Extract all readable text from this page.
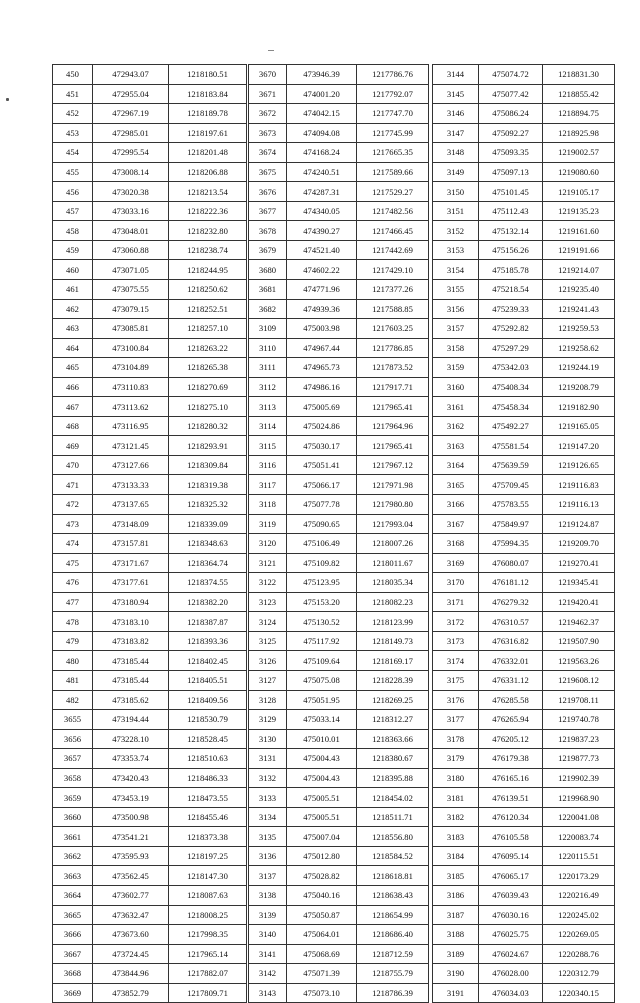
450	472943.07	1218180.51
451	472955.04	1218183.84
452	472967.19	1218189.78
453	472985.01	1218197.61
454	472995.54	1218201.48
455	473008.14	1218206.88
456	473020.38	1218213.54
457	473033.16	1218222.36
458	473048.01	1218232.80
459	473060.88	1218238.74
460	473071.05	1218244.95
461	473075.55	1218250.62
462	473079.15	1218252.51
463	473085.81	1218257.10
464	473100.84	1218263.22
465	473104.89	1218265.38
466	473110.83	1218270.69
467	473113.62	1218275.10
468	473116.95	1218280.32
469	473121.45	1218293.91
470	473127.66	1218309.84
471	473133.33	1218319.38
472	473137.65	1218325.32
473	473148.09	1218339.09
474	473157.81	1218348.63
475	473171.67	1218364.74
476	473177.61	1218374.55
477	473180.94	1218382.20
478	473183.10	1218387.87
479	473183.82	1218393.36
480	473185.44	1218402.45
481	473185.44	1218405.51
482	473185.62	1218409.56
3655	473194.44	1218530.79
3656	473228.10	1218528.45
3657	473353.74	1218510.63
3658	473420.43	1218486.33
3659	473453.19	1218473.55
3660	473500.98	1218455.46
3661	473541.21	1218373.38
3662	473595.93	1218197.25
3663	473562.45	1218147.30
3664	473602.77	1218087.63
3665	473632.47	1218008.25
3666	473673.60	1217998.35
3667	473724.45	1217965.14
3668	473844.96	1217882.07
3669	473852.79	1217809.71
3670	473946.39	1217786.76
3671	474001.20	1217792.07
3672	474042.15	1217747.70
3673	474094.08	1217745.99
3674	474168.24	1217665.35
3675	474240.51	1217589.66
3676	474287.31	1217529.27
3677	474340.05	1217482.56
3678	474390.27	1217466.45
3679	474521.40	1217442.69
3680	474602.22	1217429.10
3681	474771.96	1217377.26
3682	474939.36	1217588.85
3109	475003.98	1217603.25
3110	474967.44	1217786.85
3111	474965.73	1217873.52
3112	474986.16	1217917.71
3113	475005.69	1217965.41
3114	475024.86	1217964.96
3115	475030.17	1217965.41
3116	475051.41	1217967.12
3117	475066.17	1217971.98
3118	475077.78	1217980.80
3119	475090.65	1217993.04
3120	475106.49	1218007.26
3121	475109.82	1218011.67
3122	475123.95	1218035.34
3123	475153.20	1218082.23
3124	475130.52	1218123.99
3125	475117.92	1218149.73
3126	475109.64	1218169.17
3127	475075.08	1218228.39
3128	475051.95	1218269.25
3129	475033.14	1218312.27
3130	475010.01	1218363.66
3131	475004.43	1218380.67
3132	475004.43	1218395.88
3133	475005.51	1218454.02
3134	475005.51	1218511.71
3135	475007.04	1218556.80
3136	475012.80	1218584.52
3137	475028.82	1218618.81
3138	475040.16	1218638.43
3139	475050.87	1218654.99
3140	475064.01	1218686.40
3141	475068.69	1218712.59
3142	475071.39	1218755.79
3143	475073.10	1218786.39
3144	475074.72	1218831.30
3145	475077.42	1218855.42
3146	475086.24	1218894.75
3147	475092.27	1218925.98
3148	475093.35	1219002.57
3149	475097.13	1219080.60
3150	475101.45	1219105.17
3151	475112.43	1219135.23
3152	475132.14	1219161.60
3153	475156.26	1219191.66
3154	475185.78	1219214.07
3155	475218.54	1219235.40
3156	475239.33	1219241.43
3157	475292.82	1219259.53
3158	475297.29	1219258.62
3159	475342.03	1219244.19
3160	475408.34	1219208.79
3161	475458.34	1219182.90
3162	475492.27	1219165.05
3163	475581.54	1219147.20
3164	475639.59	1219126.65
3165	475709.45	1219116.83
3166	475783.55	1219116.13
3167	475849.97	1219124.87
3168	475994.35	1219209.70
3169	476080.07	1219270.41
3170	476181.12	1219345.41
3171	476279.32	1219420.41
3172	476310.57	1219462.37
3173	476316.82	1219507.90
3174	476332.01	1219563.26
3175	476331.12	1219608.12
3176	476285.58	1219708.11
3177	476265.94	1219740.78
3178	476205.12	1219837.23
3179	476179.38	1219877.73
3180	476165.16	1219902.39
3181	476139.51	1219968.90
3182	476120.34	1220041.08
3183	476105.58	1220083.74
3184	476095.14	1220115.51
3185	476065.17	1220173.29
3186	476039.43	1220216.49
3187	476030.16	1220245.02
3188	476025.75	1220269.05
3189	476024.67	1220288.76
3190	476028.00	1220312.79
3191	476034.03	1220340.15
